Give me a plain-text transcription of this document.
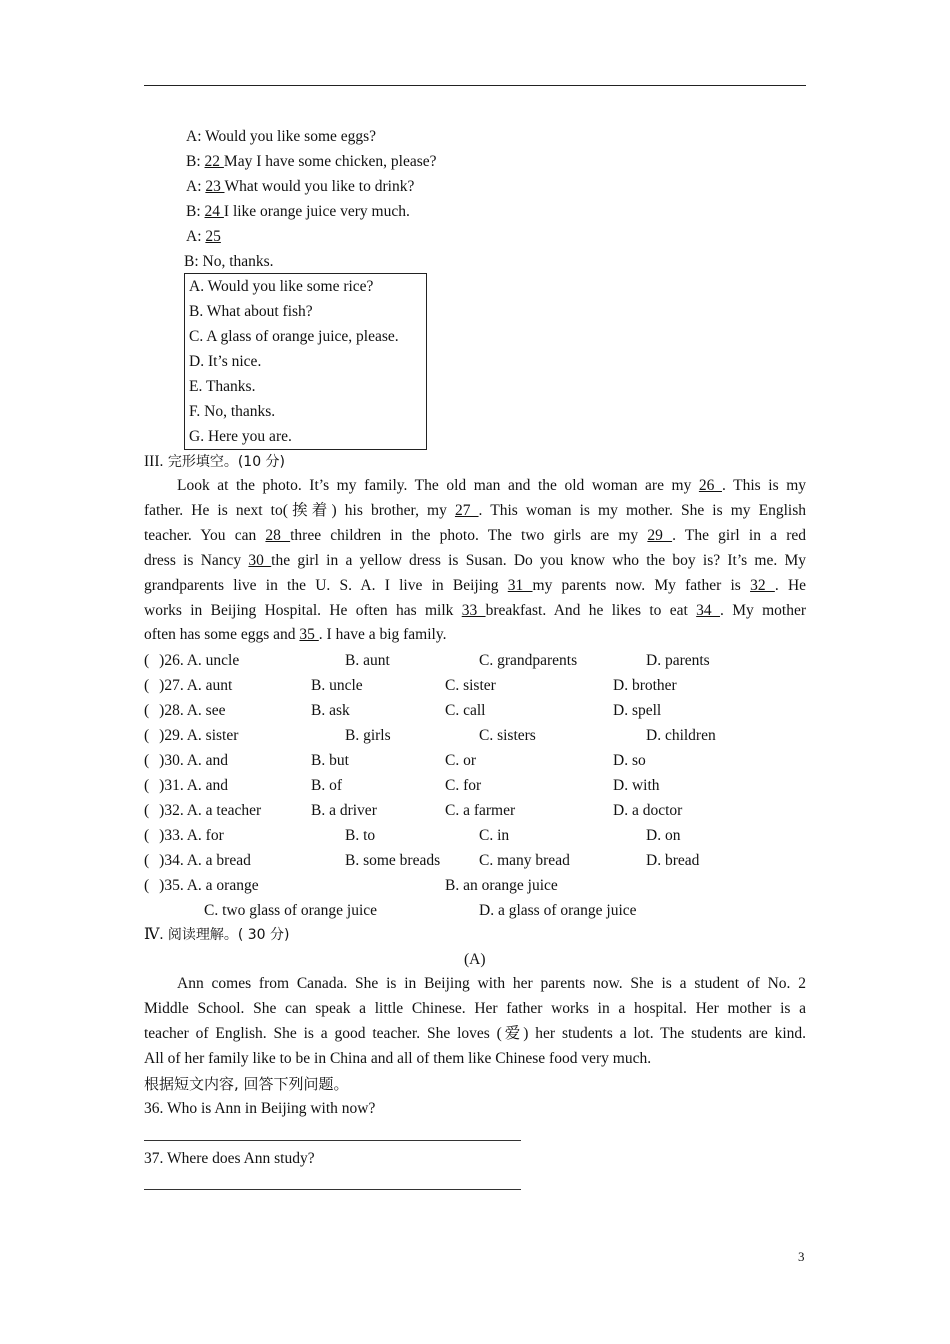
A: Would you like some eggs?
B: 22 May I have some chicken, please?
A: 23 What would you like to drink?
B: 24 I like orange juice very much.
A: 25
B: No, thanks.
A. Would you like some rice?
B. What about fish?
C. A glass of orange juice, please.
D. It’s nice.
E. Thanks.
F. No, thanks.
G. Here you are.
III. 完形填空。(10 分)
Look at the photo. It’s my family. The old man and the old woman are my 26 . This is my
father. He is next to(挨着) his brother, my 27 . This woman is my mother. She is my English
teacher. You can 28 three children in the photo. The two girls are my 29 . The girl in a red
dress is Nancy 30 the girl in a yellow dress is Susan. Do you know who the boy is? It’s me. My
grandparents live in the U. S. A. I live in Beijing 31 my parents now. My father is 32 . He
works in Beijing Hospital. He often has milk 33 breakfast. And he likes to eat 34 . My mother
often has some eggs and 35 . I have a big family.
( )26. A. uncle	B. aunt	C. grandparents	D. parents
( )27. A. aunt	B. uncle	C. sister	D. brother
( )28. A. see	B. ask	C. call	D. spell
( )29. A. sister	B. girls	C. sisters	D. children
( )30. A. and	B. but	C. or	D. so
( )31. A. and	B. of	C. for	D. with
( )32. A. a teacher	B. a driver	C. a farmer	D. a doctor
( )33. A. for	B. to	C. in	D. on
( )34. A. a bread	B. some breads	C. many bread	D. bread
( )35. A. a orange	B. an orange juice
C. two glass of orange juice	D. a glass of orange juice
Ⅳ. 阅读理解。( 30 分)
(A)
Ann comes from Canada. She is in Beijing with her parents now. She is a student of No. 2
Middle School. She can speak a little Chinese. Her father works in a hospital. Her mother is a
teacher of English. She is a good teacher. She loves (爱) her students a lot. The students are kind.
All of her family like to be in China and all of them like Chinese food very much.
根据短文内容, 回答下列问题。
36. Who is Ann in Beijing with now?
37. Where does Ann study?
3
